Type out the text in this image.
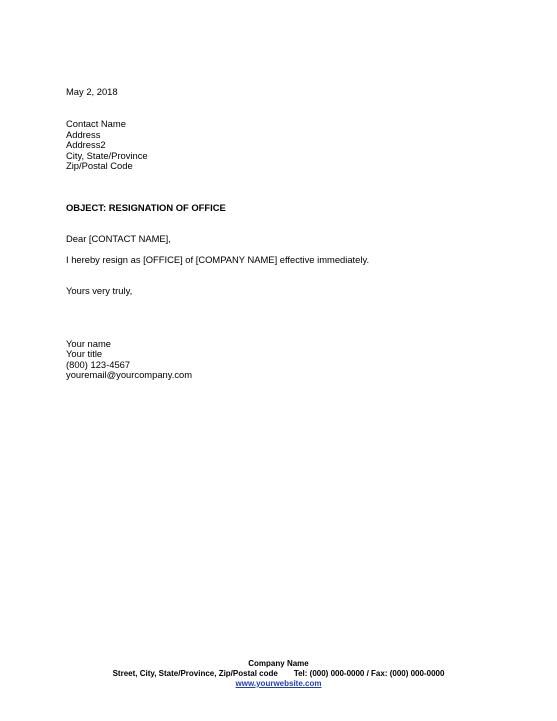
May 2, 2018
Contact Name
Address
Address2
City, State/Province
Zip/Postal Code
OBJECT: RESIGNATION OF OFFICE
Dear [CONTACT NAME],
I hereby resign as [OFFICE] of [COMPANY NAME] effective immediately.
Yours very truly,
Your name
Your title
(800) 123-4567
youremail@yourcompany.com
Company Name
Street, City, State/Province, Zip/Postal code Tel: (000) 000-0000 / Fax: (000) 000-0000
www.yourwebsite.com
